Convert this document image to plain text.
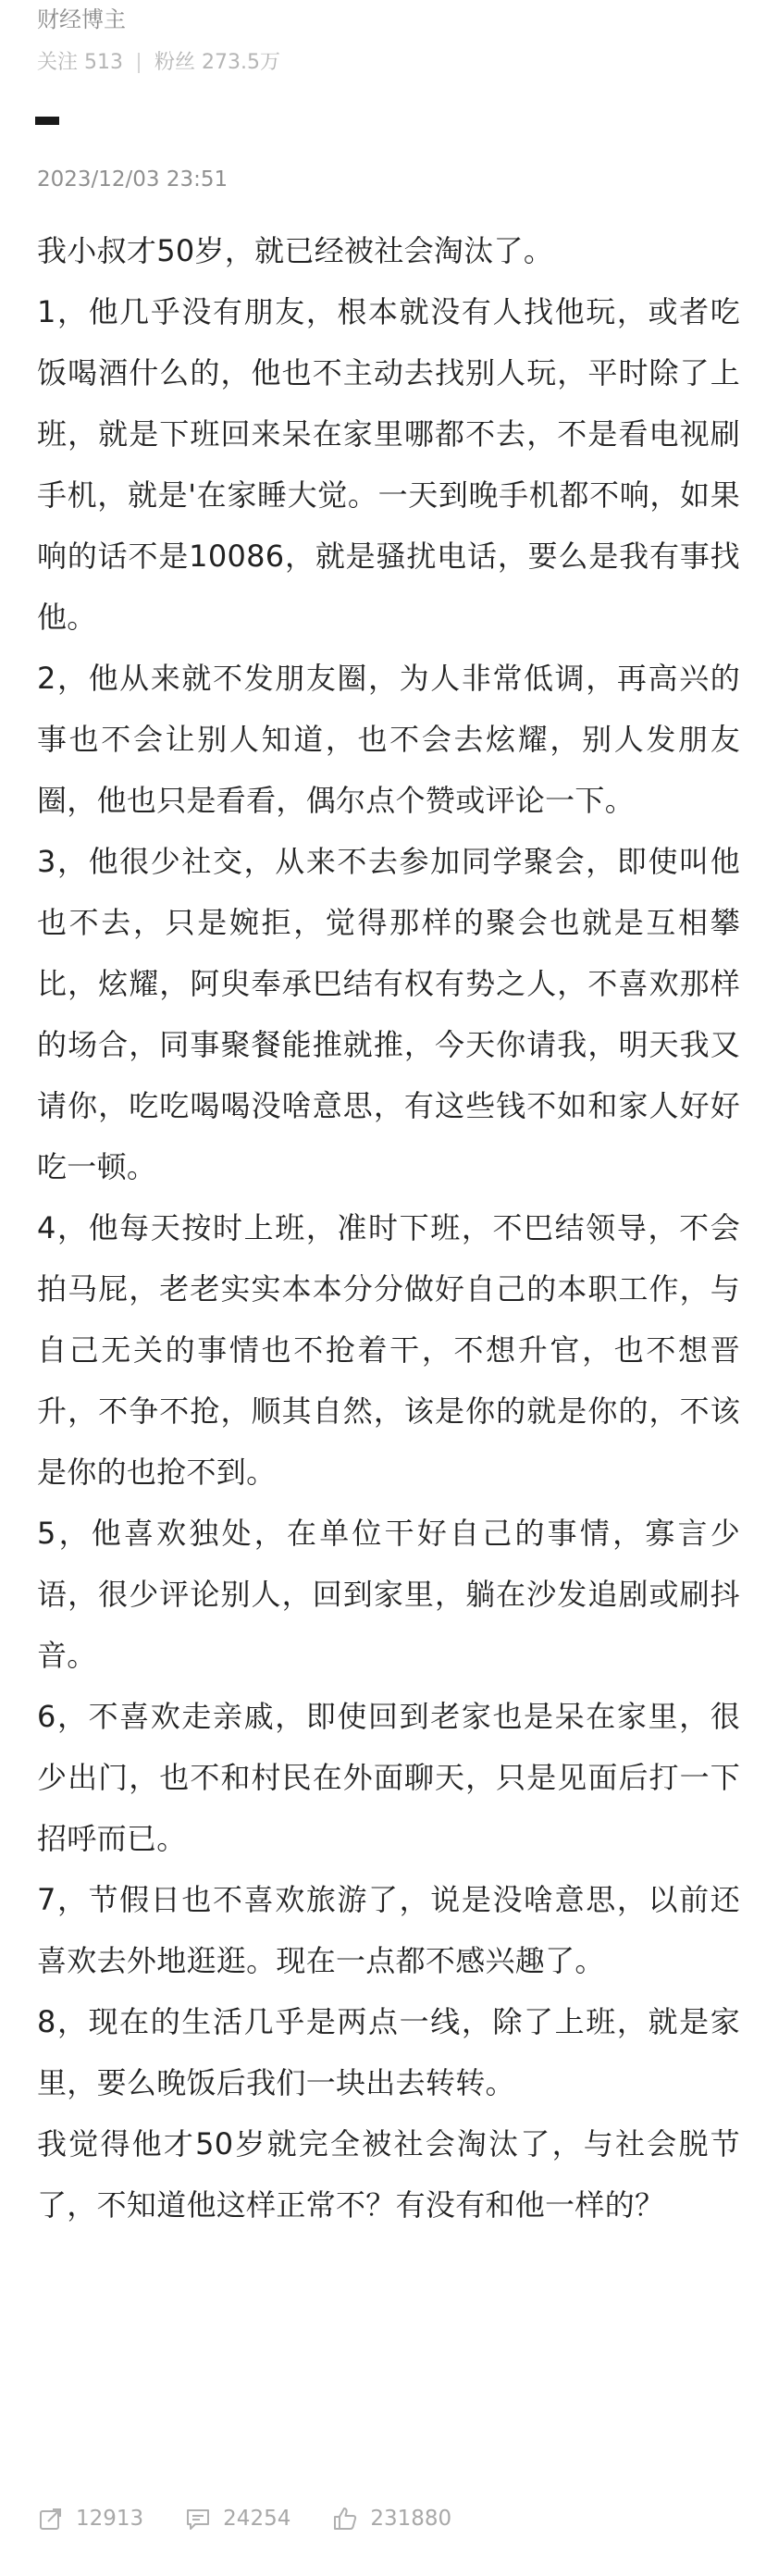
财经博主
关注 513 粉丝 273.5万
2023/12/03 23:51

我小叔才50岁，就已经被社会淘汰了。

1，他几乎没有朋友，根本就没有人找他玩，或者吃饭喝酒什么的，他也不主动去找别人玩，平时除了上班，就是下班回来呆在家里哪都不去，不是看电视刷手机，就是'在家睡大觉。一天到晚手机都不响，如果响的话不是10086，就是骚扰电话，要么是我有事找他。

2，他从来就不发朋友圈，为人非常低调，再高兴的事也不会让别人知道，也不会去炫耀，别人发朋友圈，他也只是看看，偶尔点个赞或评论一下。

3，他很少社交，从来不去参加同学聚会，即使叫他也不去，只是婉拒，觉得那样的聚会也就是互相攀比，炫耀，阿臾奉承巴结有权有势之人，不喜欢那样的场合，同事聚餐能推就推，今天你请我，明天我又请你，吃吃喝喝没啥意思，有这些钱不如和家人好好吃一顿。

4，他每天按时上班，准时下班，不巴结领导，不会拍马屁，老老实实本本分分做好自己的本职工作，与自己无关的事情也不抢着干，不想升官，也不想晋升，不争不抢，顺其自然，该是你的就是你的，不该是你的也抢不到。

5，他喜欢独处，在单位干好自己的事情，寡言少语，很少评论别人，回到家里，躺在沙发追剧或刷抖音。

6，不喜欢走亲戚，即使回到老家也是呆在家里，很少出门，也不和村民在外面聊天，只是见面后打一下招呼而已。

7，节假日也不喜欢旅游了，说是没啥意思，以前还喜欢去外地逛逛。现在一点都不感兴趣了。

8，现在的生活几乎是两点一线，除了上班，就是家里，要么晚饭后我们一块出去转转。

我觉得他才50岁就完全被社会淘汰了，与社会脱节了，不知道他这样正常不？有没有和他一样的？

12913	24254	231880
